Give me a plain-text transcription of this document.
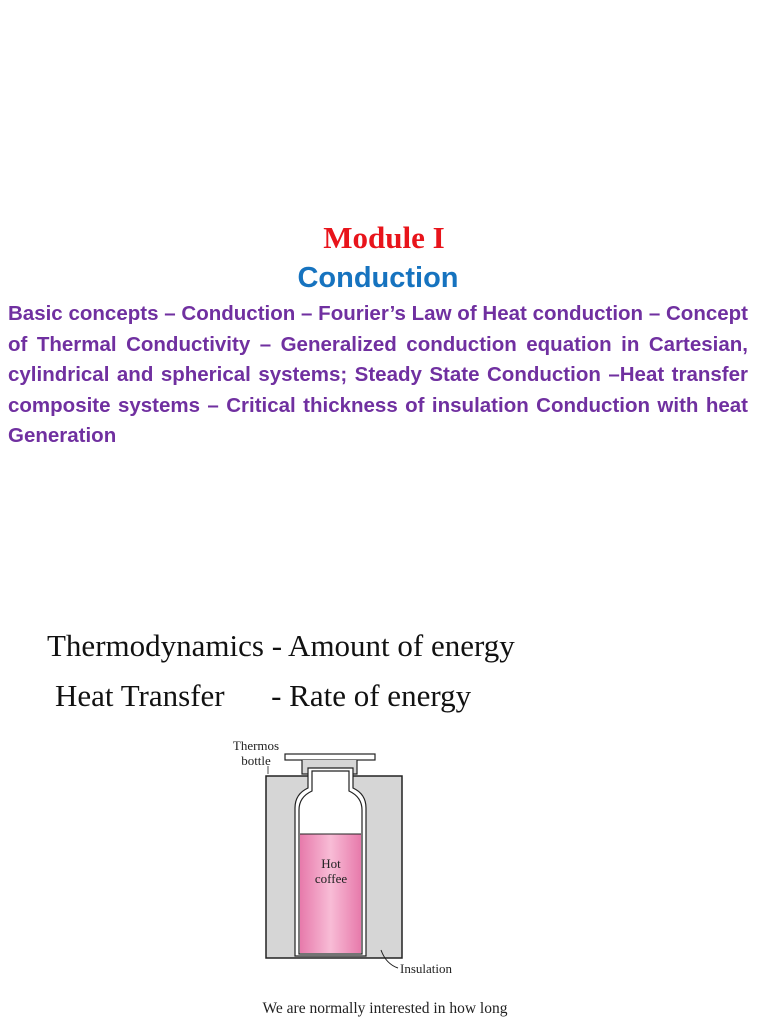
Module I
Conduction

Basic concepts – Conduction – Fourier’s Law of Heat conduction – Concept of Thermal Conductivity – Generalized conduction equation in Cartesian, cylindrical and spherical systems; Steady State Conduction –Heat transfer composite systems – Critical thickness of insulation Conduction with heat Generation

Thermodynamics - Amount of energy
Heat Transfer      - Rate of energy
Thermos
bottle
Hot
coffee
Insulation
We are normally interested in how long
